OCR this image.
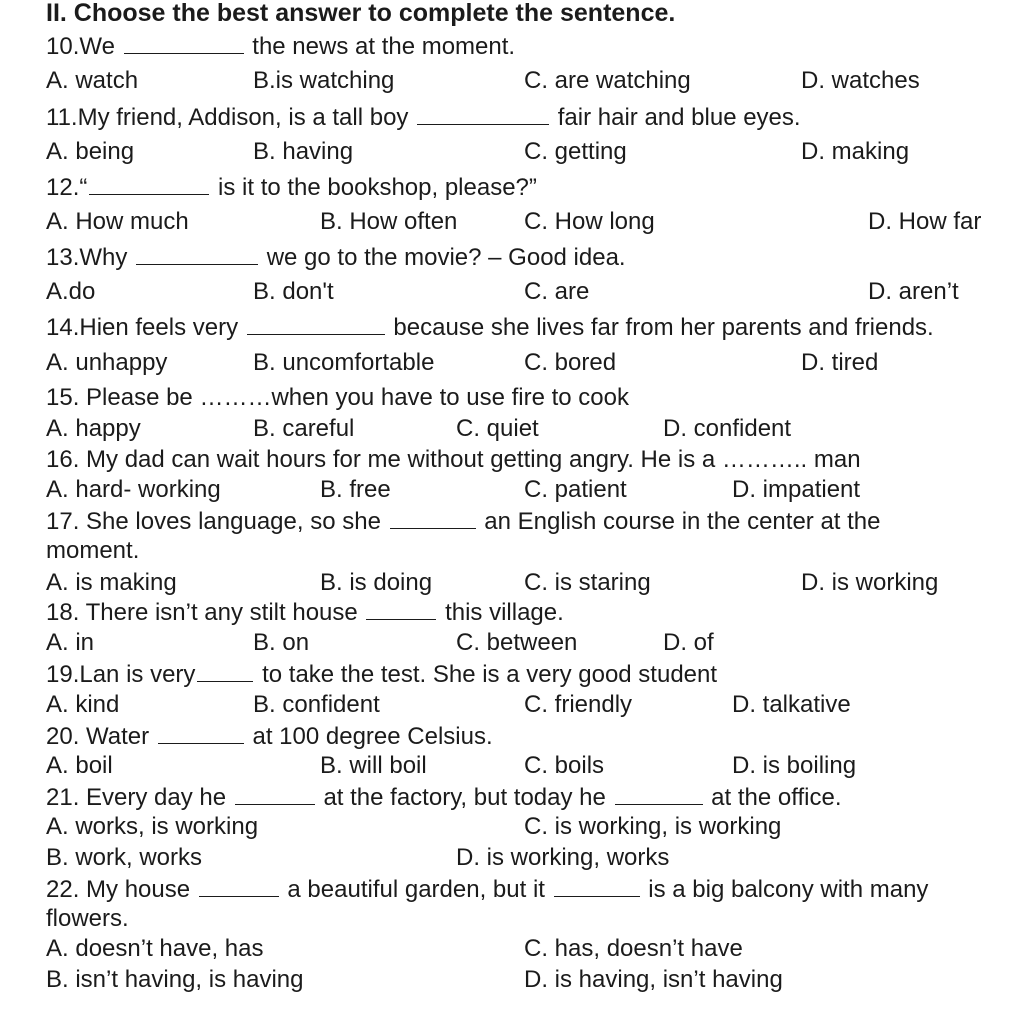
II. Choose the best answer to complete the sentence.
10.We	the news at the moment.
A. watch	B.is watching	C. are watching	D. watches
11.My friend, Addison, is a tall boy	fair hair and blue eyes.
A. being	B. having	C. getting	D. making
12.“	is it to the bookshop, please?”
A. How much	B. How often	C. How long	D. How far
13.Why	we go to the movie? – Good idea.
A.do	B. don't	C. are	D. aren’t
14.Hien feels very	because she lives far from her parents and friends.
A. unhappy	B. uncomfortable	C. bored	D. tired
15. Please be ………when you have to use fire to cook
A. happy	B. careful	C. quiet	D. confident
16. My dad can wait hours for me without getting angry. He is a ……….. man
A. hard- working	B. free	C. patient	D. impatient
17. She loves language, so she	an English course in the center at the
moment.
A. is making	B. is doing	C. is staring	D. is working
18. There isn’t any stilt house	this village.
A. in	B. on	C. between	D. of
19.Lan is very	to take the test. She is a very good student
A. kind	B. confident	C. friendly	D. talkative
20. Water	at 100 degree Celsius.
A. boil	B. will boil	C. boils	D. is boiling
21. Every day he	at the factory, but today he	at the office.
A. works, is working	C. is working, is working
B. work, works	D. is working, works
22. My house	a beautiful garden, but it	is a big balcony with many
flowers.
A. doesn’t have, has	C. has, doesn’t have
B. isn’t having, is having	D. is having, isn’t having
